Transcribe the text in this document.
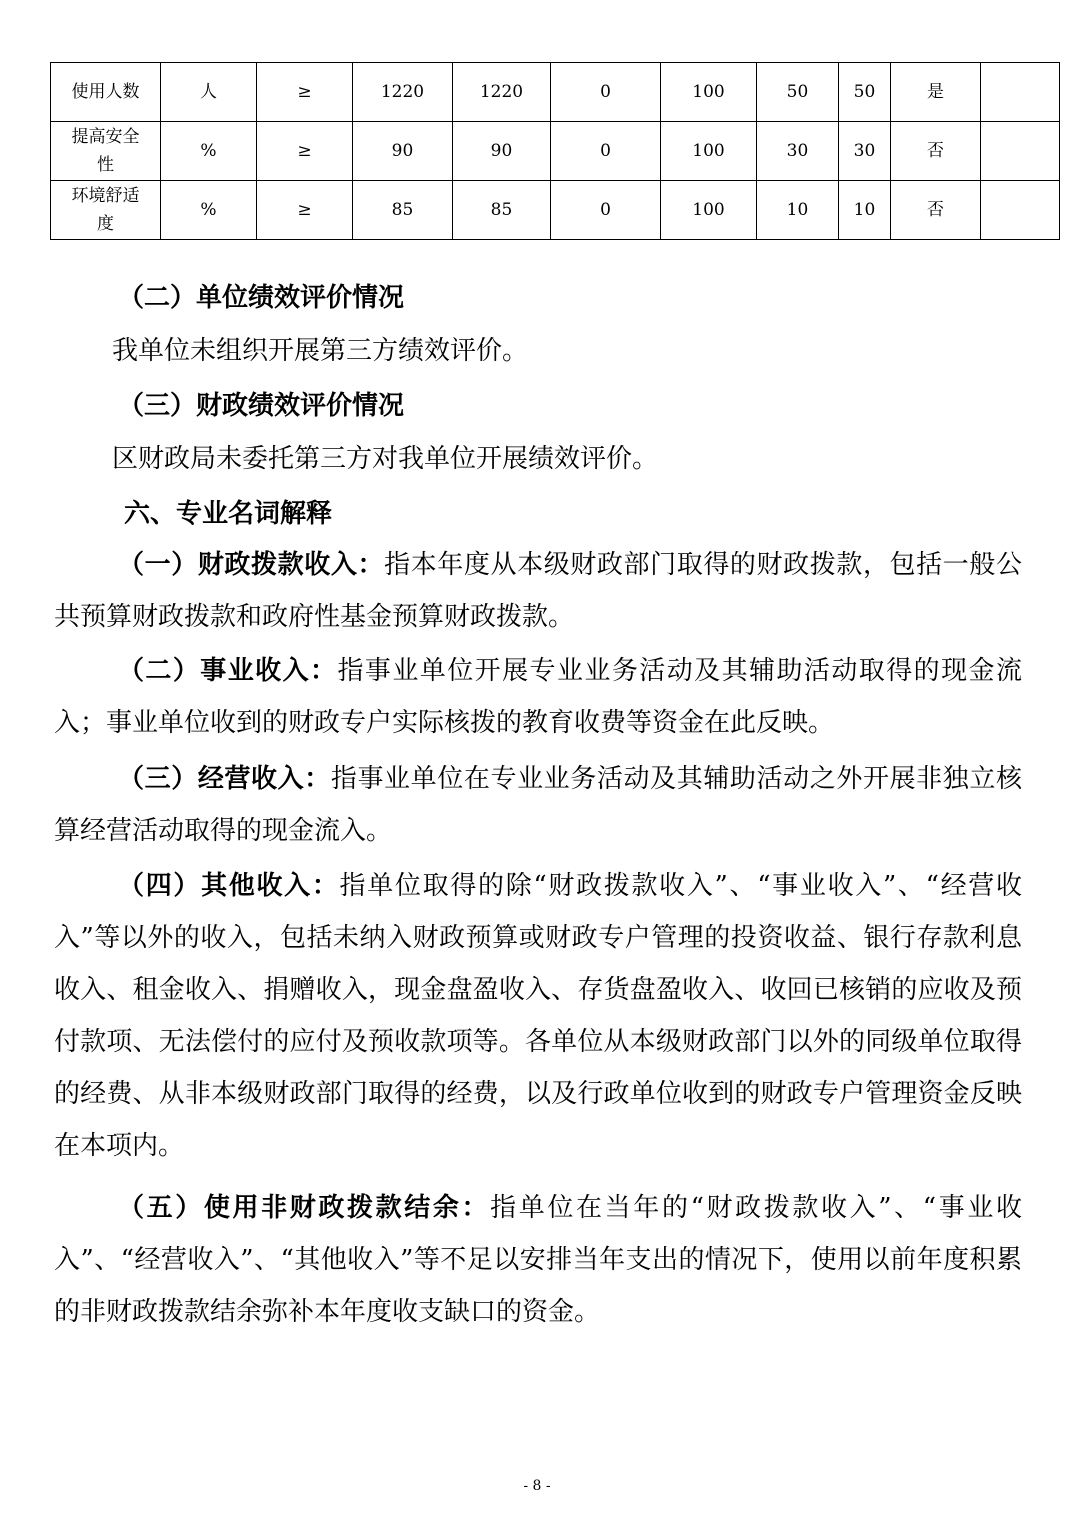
使用人数	人	≥	1220	1220	0	100	50	50	是	
提高安全性	%	≥	90	90	0	100	30	30	否	
环境舒适度	%	≥	85	85	0	100	10	10	否	
（二）单位绩效评价情况

我单位未组织开展第三方绩效评价。

（三）财政绩效评价情况

区财政局未委托第三方对我单位开展绩效评价。

六、专业名词解释

（一）财政拨款收入：指本年度从本级财政部门取得的财政拨款，包括一般公共预算财政拨款和政府性基金预算财政拨款。

（二）事业收入：指事业单位开展专业业务活动及其辅助活动取得的现金流入；事业单位收到的财政专户实际核拨的教育收费等资金在此反映。

（三）经营收入：指事业单位在专业业务活动及其辅助活动之外开展非独立核算经营活动取得的现金流入。

（四）其他收入：指单位取得的除“财政拨款收入”、“事业收入”、“经营收入”等以外的收入，包括未纳入财政预算或财政专户管理的投资收益、银行存款利息收入、租金收入、捐赠收入，现金盘盈收入、存货盘盈收入、收回已核销的应收及预付款项、无法偿付的应付及预收款项等。各单位从本级财政部门以外的同级单位取得的经费、从非本级财政部门取得的经费，以及行政单位收到的财政专户管理资金反映在本项内。

（五）使用非财政拨款结余：指单位在当年的“财政拨款收入”、“事业收入”、“经营收入”、“其他收入”等不足以安排当年支出的情况下，使用以前年度积累的非财政拨款结余弥补本年度收支缺口的资金。

- 8 -
